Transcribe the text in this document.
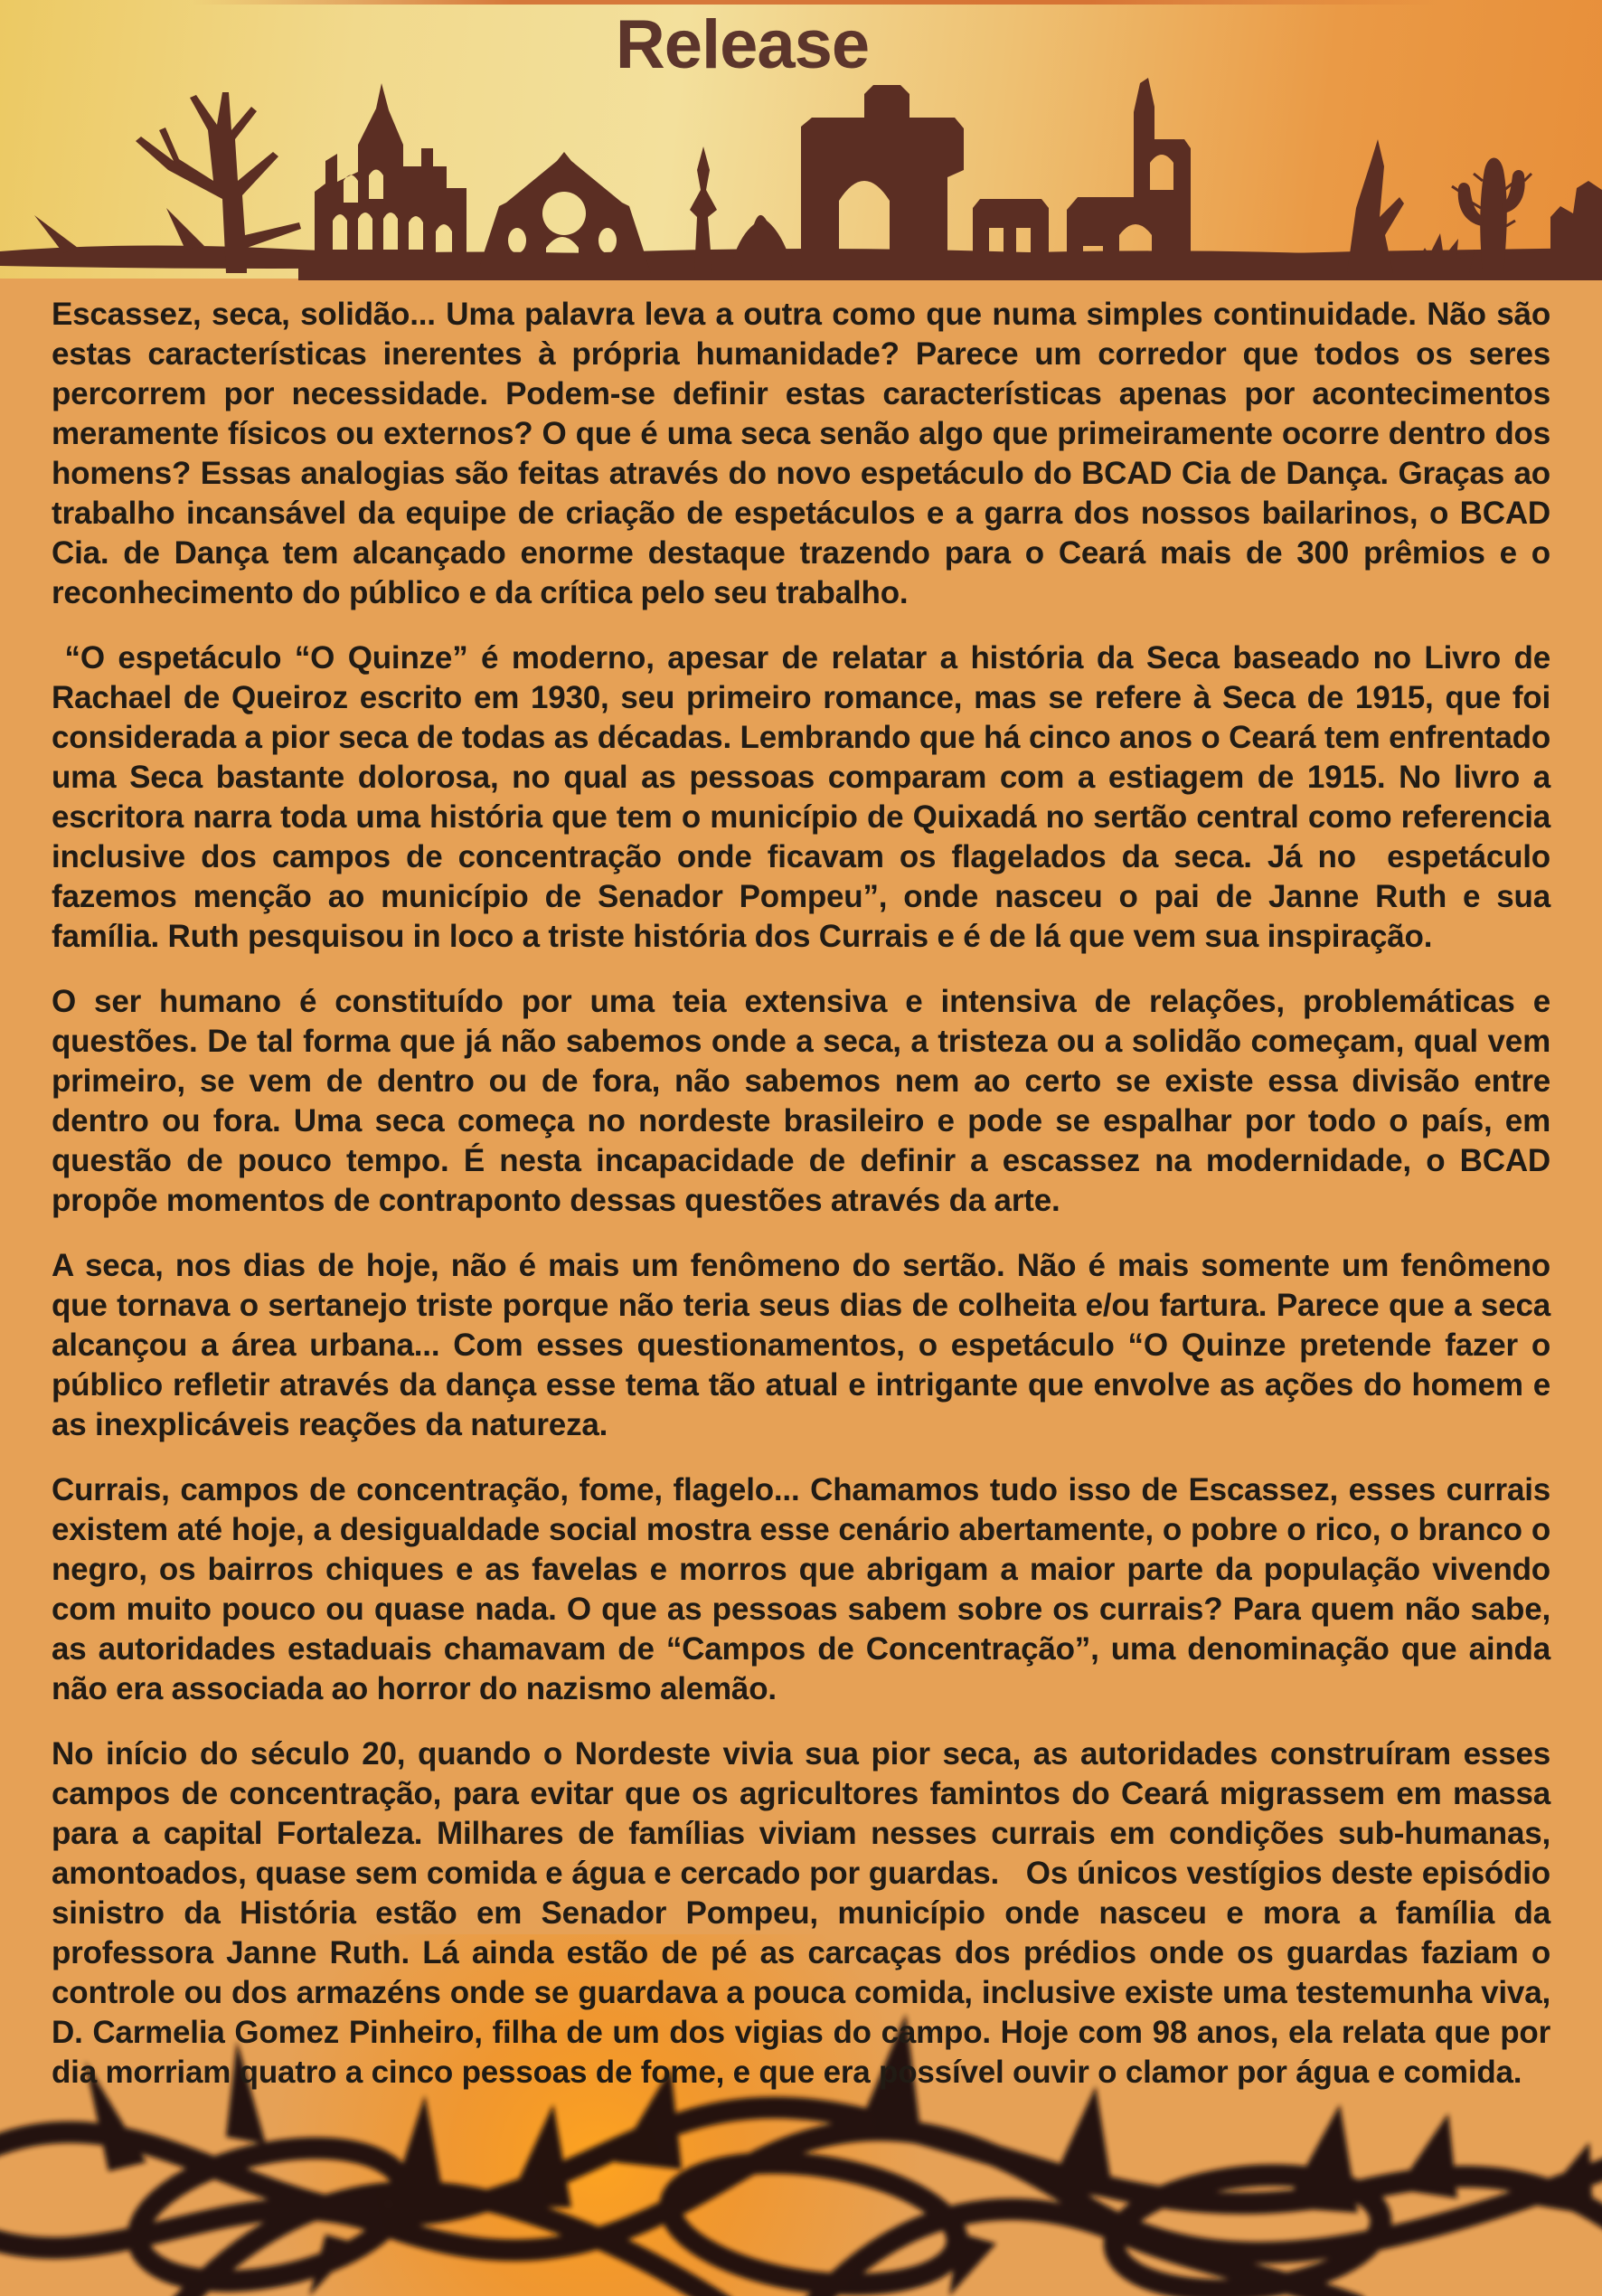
Release

Escassez, seca, solidão... Uma palavra leva a outra como que numa simples continuidade. Não são estas características inerentes à própria humanidade? Parece um corredor que todos os seres percorrem por necessidade. Podem-se definir estas características apenas por acontecimentos meramente físicos ou externos? O que é uma seca senão algo que primeiramente ocorre dentro dos homens? Essas analogias são feitas através do novo espetáculo do BCAD Cia de Dança. Graças ao trabalho incansável da equipe de criação de espetáculos e a garra dos nossos bailarinos, o BCAD Cia. de Dança tem alcançado enorme destaque trazendo para o Ceará mais de 300 prêmios e o reconhecimento do público e da crítica pelo seu trabalho.

“O espetáculo “O Quinze” é moderno, apesar de relatar a história da Seca baseado no Livro de Rachael de Queiroz escrito em 1930, seu primeiro romance, mas se refere à Seca de 1915, que foi considerada a pior seca de todas as décadas. Lembrando que há cinco anos o Ceará tem enfrentado uma Seca bastante dolorosa, no qual as pessoas comparam com a estiagem de 1915. No livro a escritora narra toda uma história que tem o município de Quixadá no sertão central como referencia inclusive dos campos de concentração onde ficavam os flagelados da seca. Já no  espetáculo fazemos menção ao município de Senador Pompeu”, onde nasceu o pai de Janne Ruth e sua família. Ruth pesquisou in loco a triste história dos Currais e é de lá que vem sua inspiração.

O ser humano é constituído por uma teia extensiva e intensiva de relações, problemáticas e questões. De tal forma que já não sabemos onde a seca, a tristeza ou a solidão começam, qual vem primeiro, se vem de dentro ou de fora, não sabemos nem ao certo se existe essa divisão entre dentro ou fora. Uma seca começa no nordeste brasileiro e pode se espalhar por todo o país, em questão de pouco tempo. É nesta incapacidade de definir a escassez na modernidade, o BCAD propõe momentos de contraponto dessas questões através da arte.

A seca, nos dias de hoje, não é mais um fenômeno do sertão. Não é mais somente um fenômeno que tornava o sertanejo triste porque não teria seus dias de colheita e/ou fartura. Parece que a seca alcançou a área urbana... Com esses questionamentos, o espetáculo “O Quinze pretende fazer o público refletir através da dança esse tema tão atual e intrigante que envolve as ações do homem e as inexplicáveis reações da natureza.

Currais, campos de concentração, fome, flagelo... Chamamos tudo isso de Escassez, esses currais existem até hoje, a desigualdade social mostra esse cenário abertamente, o pobre o rico, o branco o negro, os bairros chiques e as favelas e morros que abrigam a maior parte da população vivendo com muito pouco ou quase nada. O que as pessoas sabem sobre os currais? Para quem não sabe, as autoridades estaduais chamavam de “Campos de Concentração”, uma denominação que ainda não era associada ao horror do nazismo alemão.

No início do século 20, quando o Nordeste vivia sua pior seca, as autoridades construíram esses campos de concentração, para evitar que os agricultores famintos do Ceará migrassem em massa para a capital Fortaleza. Milhares de famílias viviam nesses currais em condições sub-humanas, amontoados, quase sem comida e água e cercado por guardas.   Os únicos vestígios deste episódio sinistro da História estão em Senador Pompeu, município onde nasceu e mora a família da professora Janne Ruth. Lá ainda estão de pé as carcaças dos prédios onde os guardas faziam o controle ou dos armazéns onde se guardava a pouca comida, inclusive existe uma testemunha viva, D. Carmelia Gomez Pinheiro, filha de um dos vigias do campo. Hoje com 98 anos, ela relata que por dia morriam quatro a cinco pessoas de fome, e que era possível ouvir o clamor por água e comida.
